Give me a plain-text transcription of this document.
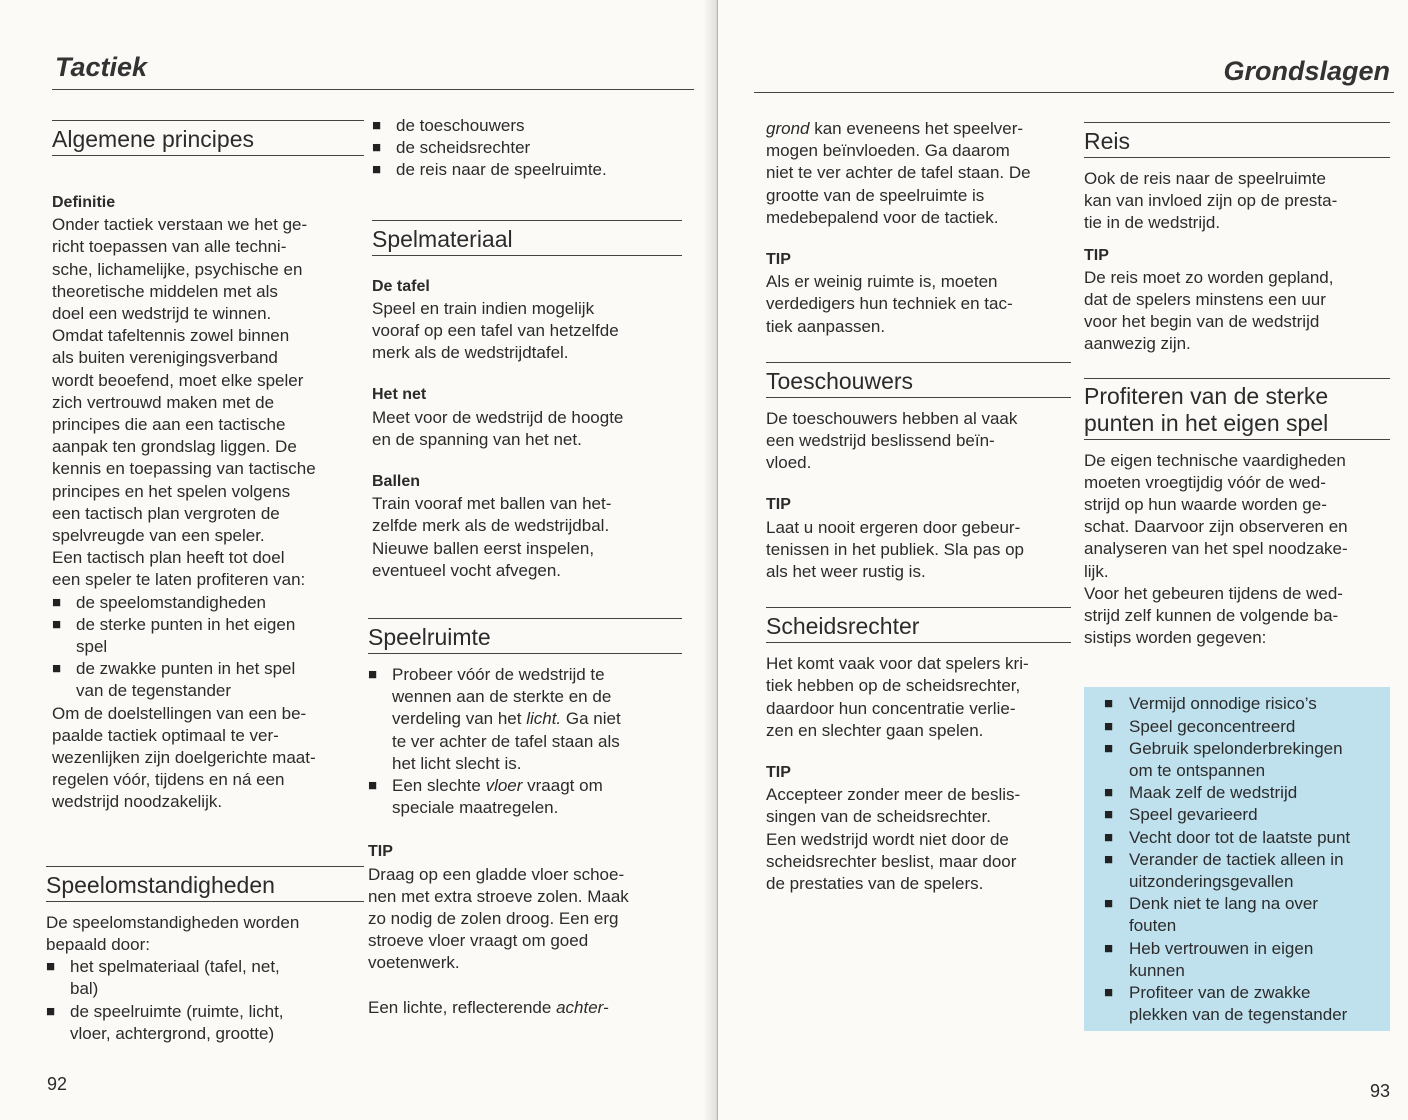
Tactiek
Algemene principes

Definitie

Onder tactiek verstaan we het ge-
richt toepassen van alle techni-
sche, lichamelijke, psychische en
theoretische middelen met als
doel een wedstrijd te winnen.
Omdat tafeltennis zowel binnen
als buiten verenigingsverband
wordt beoefend, moet elke speler
zich vertrouwd maken met de
principes die aan een tactische
aanpak ten grondslag liggen. De
kennis en toepassing van tactische
principes en het spelen volgens
een tactisch plan vergroten de
spelvreugde van een speler.
Een tactisch plan heeft tot doel
een speler te laten profiteren van:
■ de speelomstandigheden
■ de sterke punten in het eigen
spel
■ de zwakke punten in het spel
van de tegenstander
Om de doelstellingen van een be-
paalde tactiek optimaal te ver-
wezenlijken zijn doelgerichte maat-
regelen vóór, tijdens en ná een
wedstrijd noodzakelijk.
Speelomstandigheden
De speelomstandigheden worden
bepaald door:
■ het spelmateriaal (tafel, net,
bal)
■ de speelruimte (ruimte, licht,
vloer, achtergrond, grootte)
■ de toeschouwers
■ de scheidsrechter
■ de reis naar de speelruimte.
Spelmateriaal

De tafel

Speel en train indien mogelijk
vooraf op een tafel van hetzelfde
merk als de wedstrijdtafel.

Het net

Meet voor de wedstrijd de hoogte
en de spanning van het net.

Ballen

Train vooraf met ballen van het-
zelfde merk als de wedstrijdbal.
Nieuwe ballen eerst inspelen,
eventueel vocht afvegen.
Speelruimte
■ Probeer vóór de wedstrijd te
wennen aan de sterkte en de
verdeling van het licht. Ga niet
te ver achter de tafel staan als
het licht slecht is.
■ Een slechte vloer vraagt om
speciale maatregelen.

TIP

Draag op een gladde vloer schoe-
nen met extra stroeve zolen. Maak
zo nodig de zolen droog. Een erg
stroeve vloer vraagt om goed
voetenwerk.

Een lichte, reflecterende achter-

92

Grondslagen

grond kan eveneens het speelver-

mogen beïnvloeden. Ga daarom
niet te ver achter de tafel staan. De
grootte van de speelruimte is
medebepalend voor de tactiek.

TIP

Als er weinig ruimte is, moeten
verdedigers hun techniek en tac-
tiek aanpassen.
Toeschouwers
De toeschouwers hebben al vaak
een wedstrijd beslissend beïn-
vloed.

TIP

Laat u nooit ergeren door gebeur-
tenissen in het publiek. Sla pas op
als het weer rustig is.
Scheidsrechter
Het komt vaak voor dat spelers kri-
tiek hebben op de scheidsrechter,
daardoor hun concentratie verlie-
zen en slechter gaan spelen.

TIP

Accepteer zonder meer de beslis-
singen van de scheidsrechter.
Een wedstrijd wordt niet door de
scheidsrechter beslist, maar door
de prestaties van de spelers.
Reis
Ook de reis naar de speelruimte
kan van invloed zijn op de presta-
tie in de wedstrijd.

TIP

De reis moet zo worden gepland,
dat de spelers minstens een uur
voor het begin van de wedstrijd
aanwezig zijn.
Profiteren van de sterke
punten in het eigen spel
De eigen technische vaardigheden
moeten vroegtijdig vóór de wed-
strijd op hun waarde worden ge-
schat. Daarvoor zijn observeren en
analyseren van het spel noodzake-
lijk.
Voor het gebeuren tijdens de wed-
strijd zelf kunnen de volgende ba-
sistips worden gegeven:
■ Vermijd onnodige risico’s
■ Speel geconcentreerd
■ Gebruik spelonderbrekingen
om te ontspannen
■ Maak zelf de wedstrijd
■ Speel gevarieerd
■ Vecht door tot de laatste punt
■ Verander de tactiek alleen in
uitzonderingsgevallen
■ Denk niet te lang na over
fouten
■ Heb vertrouwen in eigen
kunnen
■ Profiteer van de zwakke
plekken van de tegenstander

93
